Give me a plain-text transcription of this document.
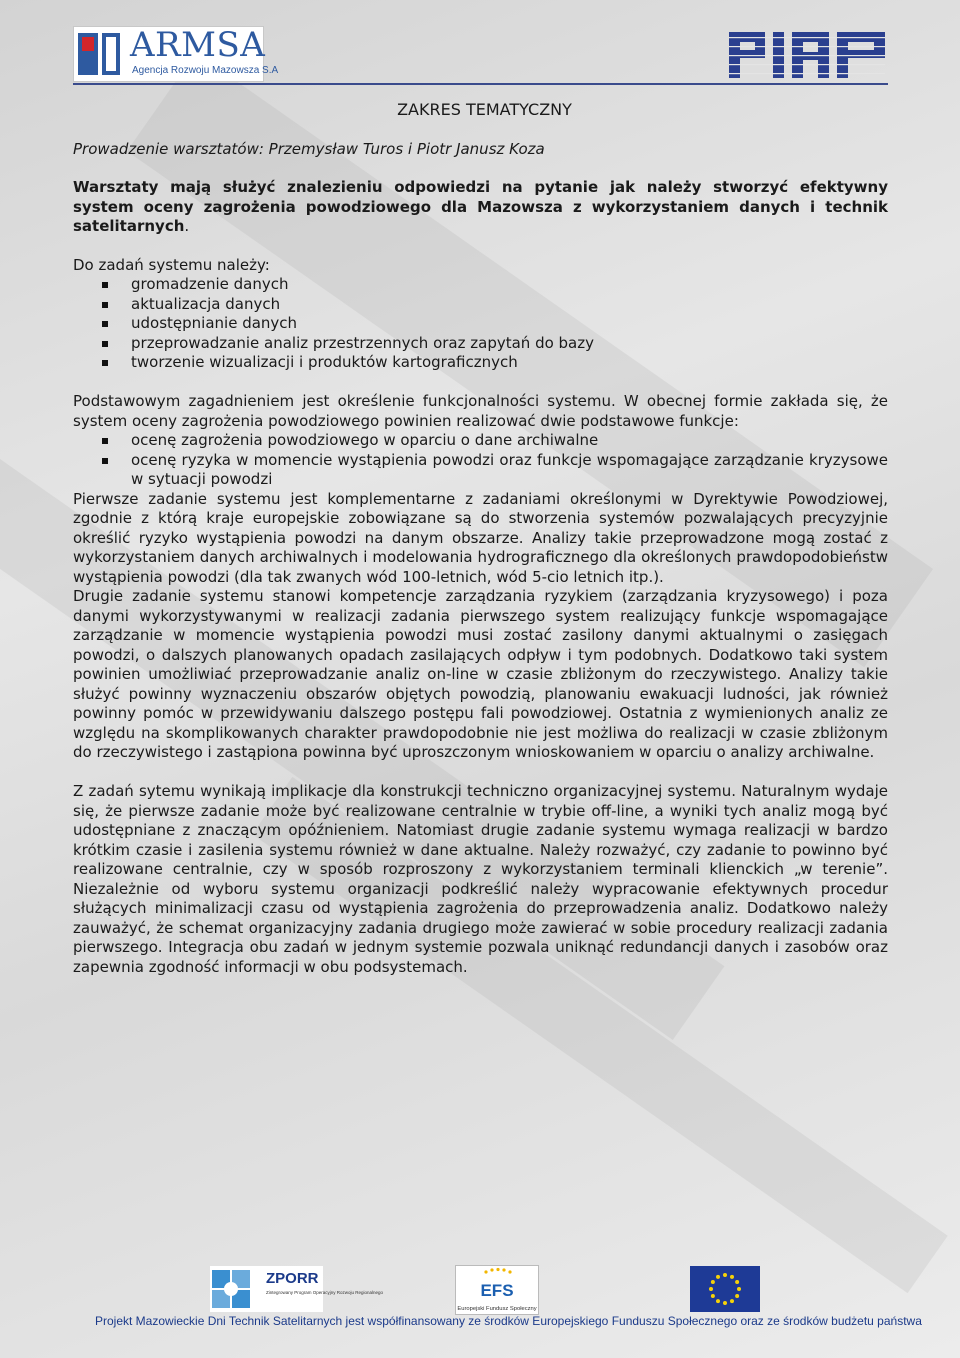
ARMSA
Agencja Rozwoju Mazowsza S.A
ZAKRES TEMATYCZNY

Prowadzenie warsztatów: Przemysław Turos i Piotr Janusz Koza

Warsztaty mają służyć znalezieniu odpowiedzi na pytanie jak należy stworzyć efektywny system oceny zagrożenia powodziowego dla Mazowsza z wykorzystaniem danych i technik satelitarnych.

Do zadań systemu należy:

gromadzenie danych
aktualizacja danych
udostępnianie danych
przeprowadzanie analiz przestrzennych oraz zapytań do bazy
tworzenie wizualizacji i produktów kartograficznych

Podstawowym zagadnieniem jest określenie funkcjonalności systemu. W obecnej formie zakłada się, że system oceny zagrożenia powodziowego powinien realizować dwie podstawowe funkcje:

ocenę zagrożenia powodziowego w oparciu o dane archiwalne
ocenę ryzyka w momencie wystąpienia powodzi oraz funkcje wspomagające zarządzanie kryzysowe w sytuacji powodzi

Pierwsze zadanie systemu jest komplementarne z zadaniami określonymi w Dyrektywie Powodziowej, zgodnie z którą kraje europejskie zobowiązane są do stworzenia systemów pozwalających precyzyjnie określić ryzyko wystąpienia powodzi na danym obszarze. Analizy takie przeprowadzone mogą zostać z wykorzystaniem danych archiwalnych i modelowania hydrograficznego dla określonych prawdopodobieństw wystąpienia powodzi (dla tak zwanych wód 100-letnich, wód 5-cio letnich itp.).

Drugie zadanie systemu stanowi kompetencje zarządzania ryzykiem (zarządzania kryzysowego) i poza danymi wykorzystywanymi w realizacji zadania pierwszego system realizujący funkcje wspomagające zarządzanie w momencie wystąpienia powodzi musi zostać zasilony danymi aktualnymi o zasięgach powodzi, o dalszych planowanych opadach zasilających odpływ i tym podobnych. Dodatkowo taki system powinien umożliwiać przeprowadzanie analiz on-line w czasie zbliżonym do rzeczywistego. Analizy takie służyć powinny wyznaczeniu obszarów objętych powodzią, planowaniu ewakuacji ludności, jak również powinny pomóc w przewidywaniu dalszego postępu fali powodziowej. Ostatnia z wymienionych analiz ze względu na skomplikowanych charakter prawdopodobnie nie jest możliwa do realizacji w czasie zbliżonym do rzeczywistego i zastąpiona powinna być uproszczonym wnioskowaniem w oparciu o analizy archiwalne.

Z zadań sytemu wynikają implikacje dla konstrukcji techniczno organizacyjnej systemu. Naturalnym wydaje się, że pierwsze zadanie może być realizowane centralnie w trybie off-line, a wyniki tych analiz mogą być udostępniane z znaczącym opóźnieniem. Natomiast drugie zadanie systemu wymaga realizacji w bardzo krótkim czasie i zasilenia systemu również w dane aktualne. Należy rozważyć, czy zadanie to powinno być realizowane centralnie, czy w sposób rozproszony z wykorzystaniem terminali klienckich „w terenie”. Niezależnie od wyboru systemu organizacji podkreślić należy wypracowanie efektywnych procedur służących minimalizacji czasu od wystąpienia zagrożenia do przeprowadzenia analiz. Dodatkowo należy zauważyć, że schemat organizacyjny zadania drugiego może zawierać w sobie procedury realizacji zadania pierwszego. Integracja obu zadań w jednym systemie pozwala uniknąć redundancji danych i zasobów oraz zapewnia zgodność informacji w obu podsystemach.

ZPORR
Zintegrowany Program Operacyjny Rozwoju Regionalnego	EFS
Europejski Fundusz Społeczny
Projekt Mazowieckie Dni Technik Satelitarnych jest współfinansowany ze środków Europejskiego Funduszu Społecznego oraz ze środków budżetu państwa
